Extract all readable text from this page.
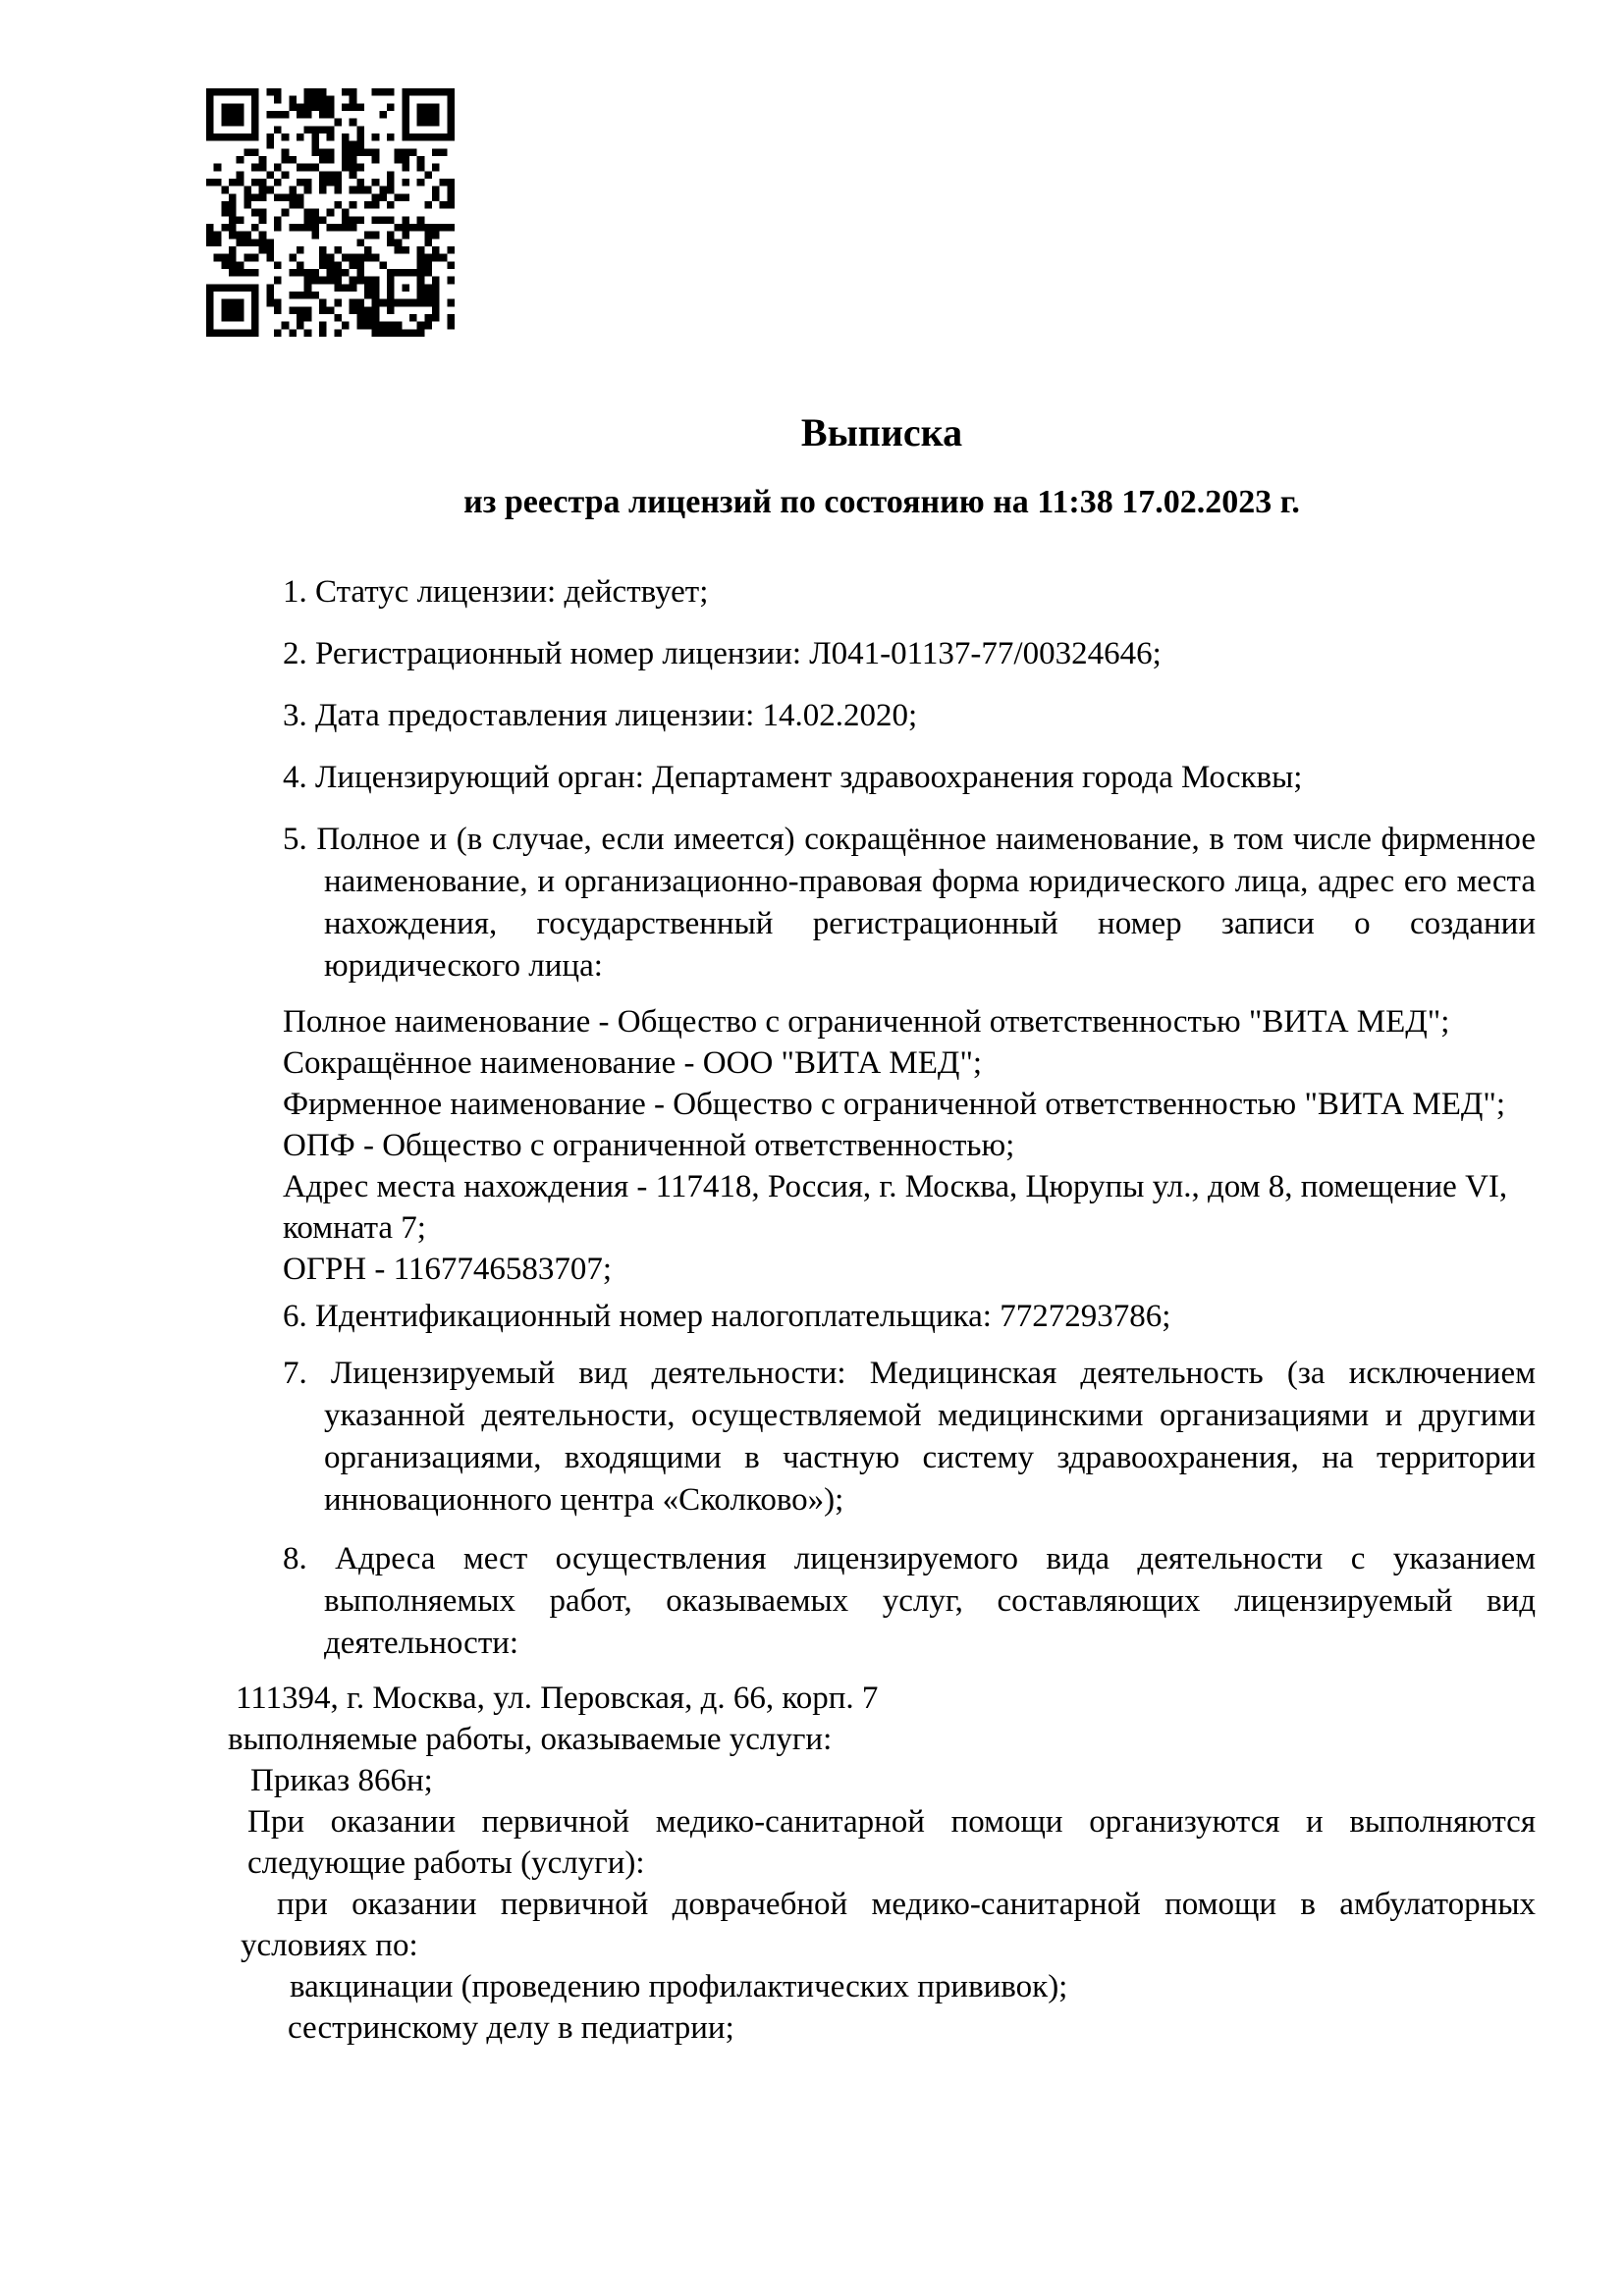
Выписка
из реестра лицензий по состоянию на 11:38 17.02.2023 г.

1. Статус лицензии: действует;

2. Регистрационный номер лицензии: Л041-01137-77/00324646;

3. Дата предоставления лицензии: 14.02.2020;

4. Лицензирующий орган: Департамент здравоохранения города Москвы;

5. Полное и (в случае, если имеется) сокращённое наименование, в том числе фирменное наименование, и организационно-правовая форма юридического лица, адрес его места нахождения, государственный регистрационный номер записи о создании юридического лица:

Полное наименование - Общество с ограниченной ответственностью "ВИТА МЕД";

Сокращённое наименование - ООО "ВИТА МЕД";

Фирменное наименование - Общество с ограниченной ответственностью "ВИТА МЕД";

ОПФ - Общество с ограниченной ответственностью;

Адрес места нахождения - 117418, Россия, г. Москва, Цюрупы ул., дом 8, помещение VI, комната 7;

ОГРН - 1167746583707;

6. Идентификационный номер налогоплательщика: 7727293786;

7. Лицензируемый вид деятельности: Медицинская деятельность (за исключением указанной деятельности, осуществляемой медицинскими организациями и другими организациями, входящими в частную систему здравоохранения, на территории инновационного центра «Сколково»);

8. Адреса мест осуществления лицензируемого вида деятельности с указанием выполняемых работ, оказываемых услуг, составляющих лицензируемый вид деятельности:

111394, г. Москва, ул. Перовская, д. 66, корп. 7

выполняемые работы, оказываемые услуги:

Приказ 866н;

При оказании первичной медико-санитарной помощи организуются и выполняются следующие работы (услуги):

при оказании первичной доврачебной медико-санитарной помощи в амбулаторных условиях по:

вакцинации (проведению профилактических прививок);

сестринскому делу в педиатрии;
